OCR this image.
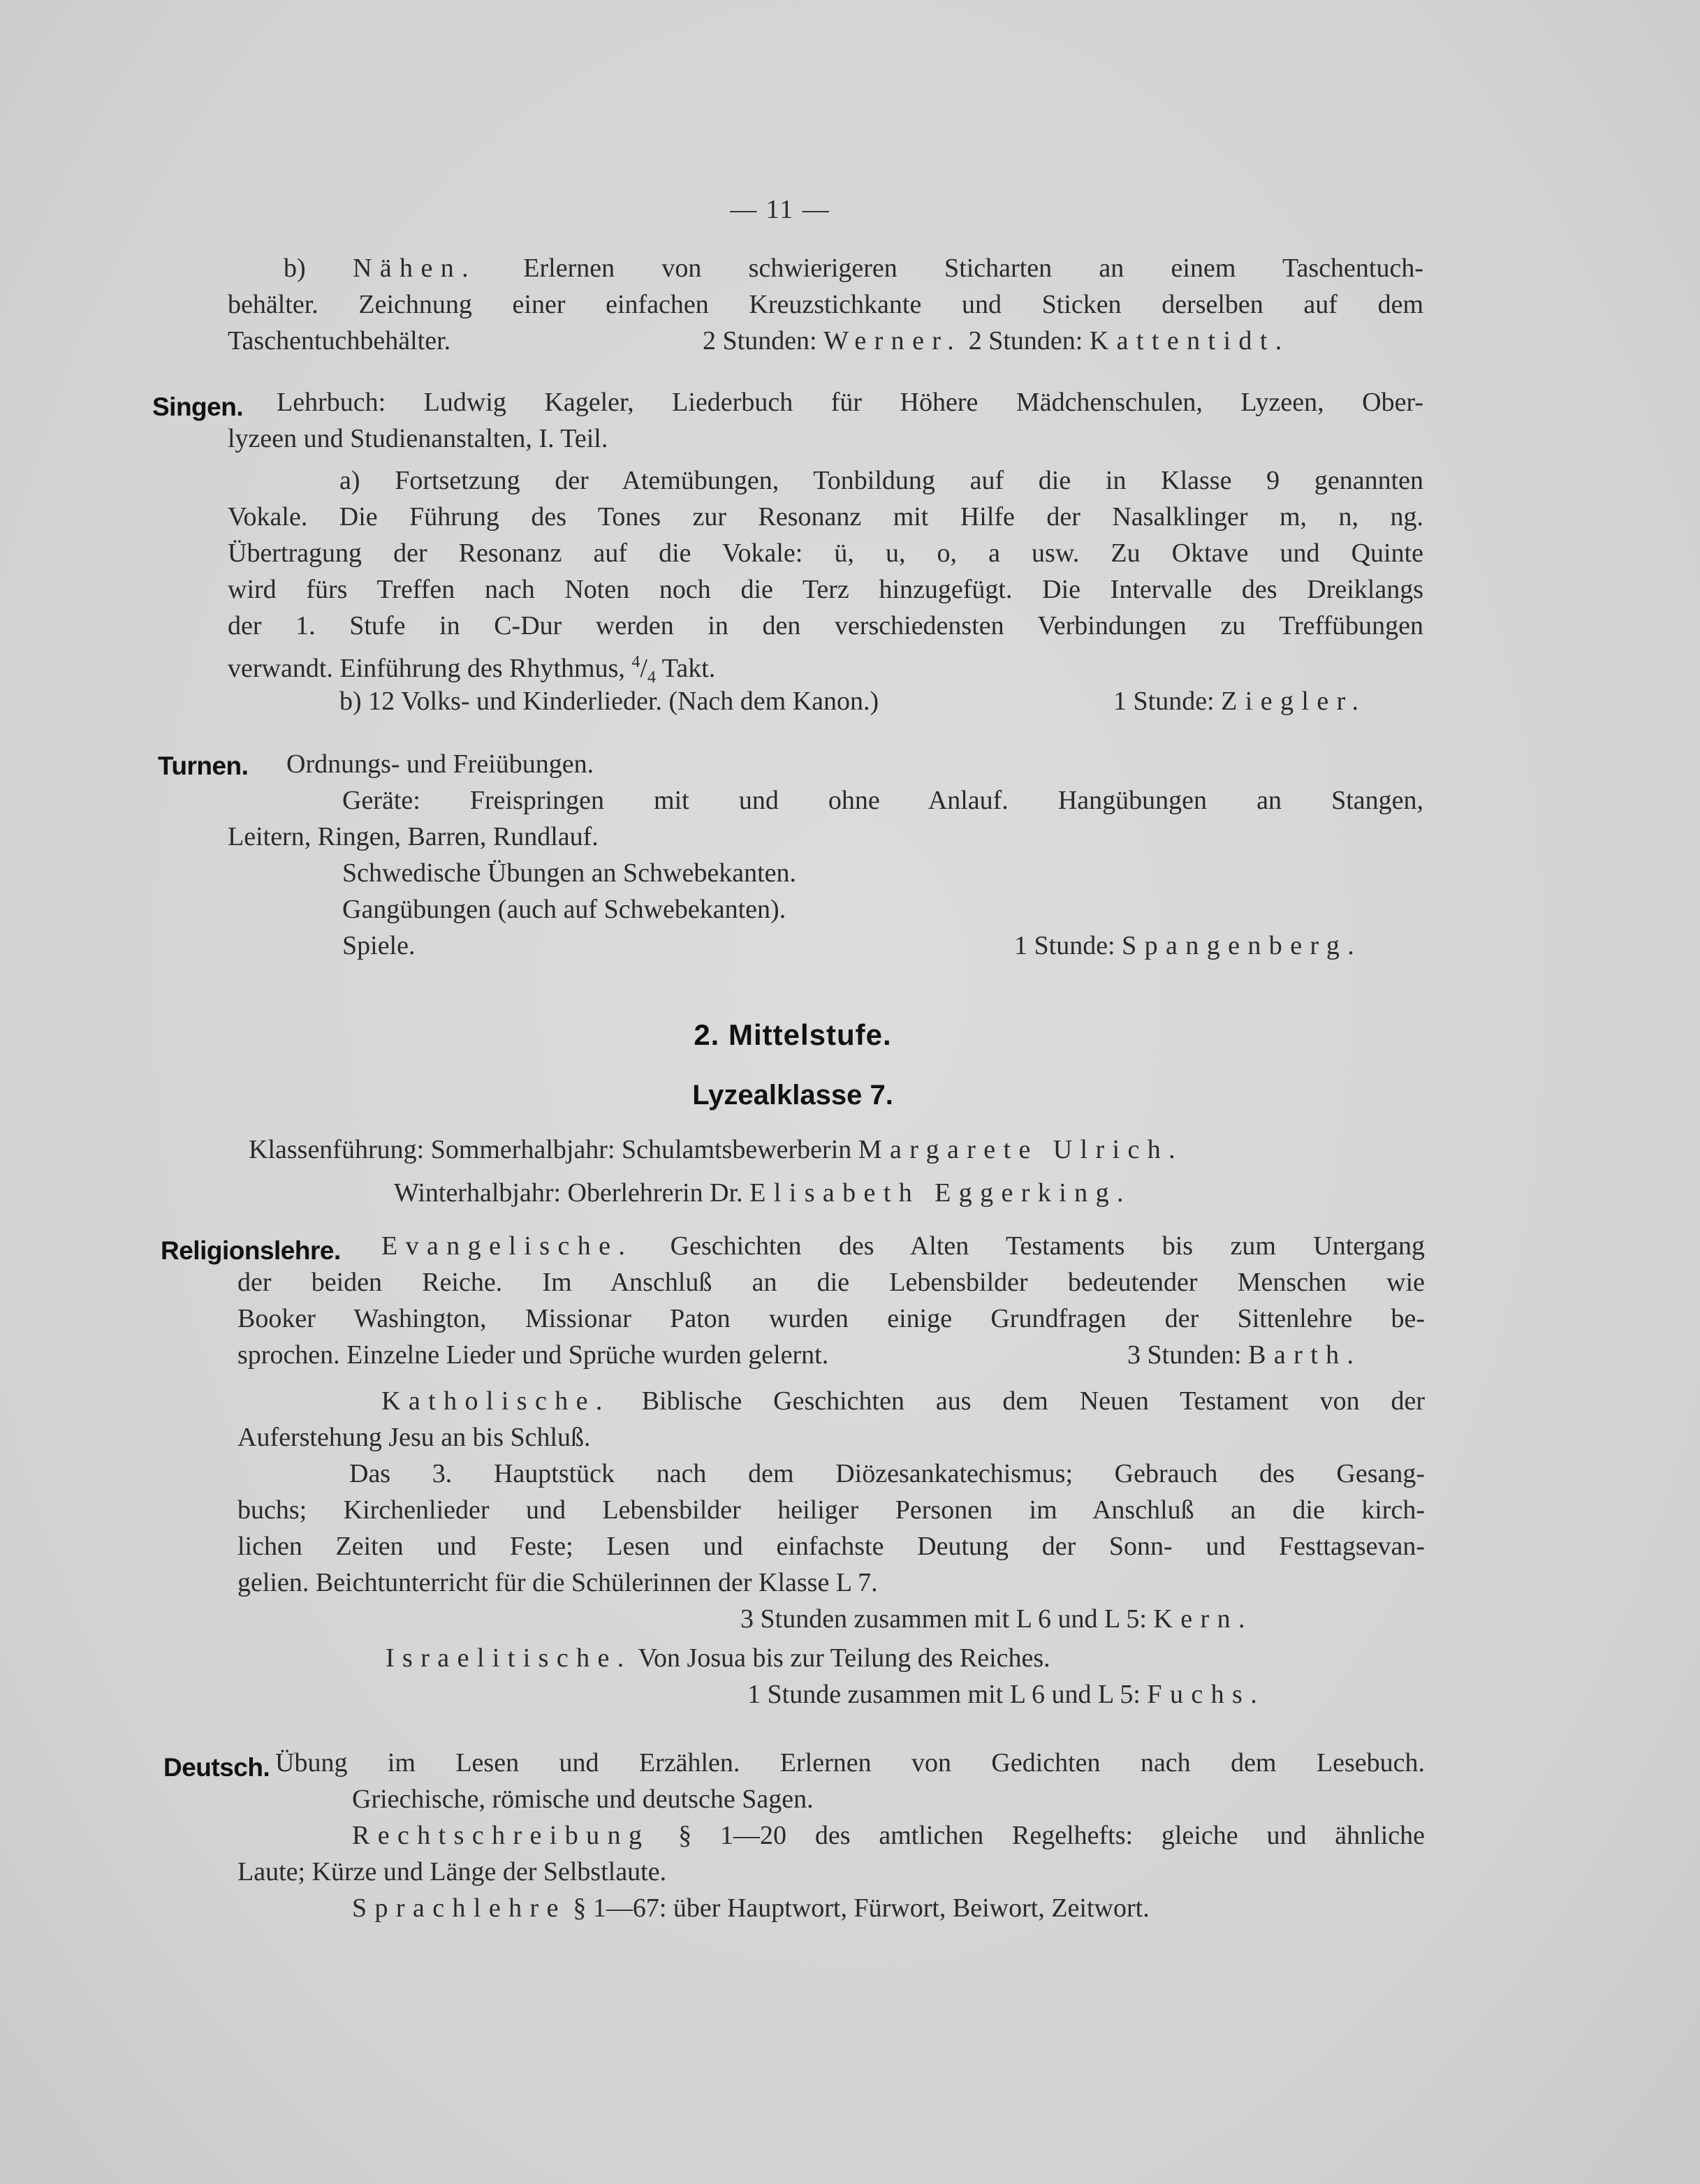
— 11 —
b) Nähen. Erlernen von schwierigeren Sticharten an einem Taschentuch-
behälter. Zeichnung einer einfachen Kreuzstichkante und Sticken derselben auf dem
Taschentuchbehälter.	2 Stunden: Werner. 2 Stunden: Kattentidt.
Singen. Lehrbuch: Ludwig Kageler, Liederbuch für Höhere Mädchenschulen, Lyzeen, Ober-
lyzeen und Studienanstalten, I. Teil.
a) Fortsetzung der Atemübungen, Tonbildung auf die in Klasse 9 genannten
Vokale. Die Führung des Tones zur Resonanz mit Hilfe der Nasalklinger m, n, ng.
Übertragung der Resonanz auf die Vokale: ü, u, o, a usw. Zu Oktave und Quinte
wird fürs Treffen nach Noten noch die Terz hinzugefügt. Die Intervalle des Dreiklangs
der 1. Stufe in C-Dur werden in den verschiedensten Verbindungen zu Treffübungen
verwandt. Einführung des Rhythmus, $^4/_4$ Takt.
b) 12 Volks- und Kinderlieder. (Nach dem Kanon.)	1 Stunde: Ziegler.
Turnen.	Ordnungs- und Freiübungen.
Geräte: Freispringen mit und ohne Anlauf. Hangübungen an Stangen,
Leitern, Ringen, Barren, Rundlauf.
Schwedische Übungen an Schwebekanten.
Gangübungen (auch auf Schwebekanten).
Spiele.	1 Stunde: Spangenberg.
2. Mittelstufe.
Lyzealklasse 7.
Klassenführung: Sommerhalbjahr: Schulamtsbewerberin Margarete Ulrich.
Winterhalbjahr: Oberlehrerin Dr. Elisabeth Eggerking.
Religionslehre. Evangelische. Geschichten des Alten Testaments bis zum Untergang
der beiden Reiche. Im Anschluß an die Lebensbilder bedeutender Menschen wie
Booker Washington, Missionar Paton wurden einige Grundfragen der Sittenlehre be-
sprochen. Einzelne Lieder und Sprüche wurden gelernt.	3 Stunden: Barth.
Katholische. Biblische Geschichten aus dem Neuen Testament von der
Auferstehung Jesu an bis Schluß.
Das 3. Hauptstück nach dem Diözesankatechismus; Gebrauch des Gesang-
buchs; Kirchenlieder und Lebensbilder heiliger Personen im Anschluß an die kirch-
lichen Zeiten und Feste; Lesen und einfachste Deutung der Sonn- und Festtagsevan-
gelien. Beichtunterricht für die Schülerinnen der Klasse L 7.
3 Stunden zusammen mit L 6 und L 5: Kern.
Israelitische. Von Josua bis zur Teilung des Reiches.
1 Stunde zusammen mit L 6 und L 5: Fuchs.
Deutsch. Übung im Lesen und Erzählen. Erlernen von Gedichten nach dem Lesebuch.
Griechische, römische und deutsche Sagen.
Rechtschreibung § 1—20 des amtlichen Regelhefts: gleiche und ähnliche
Laute; Kürze und Länge der Selbstlaute.
Sprachlehre § 1—67: über Hauptwort, Fürwort, Beiwort, Zeitwort.
